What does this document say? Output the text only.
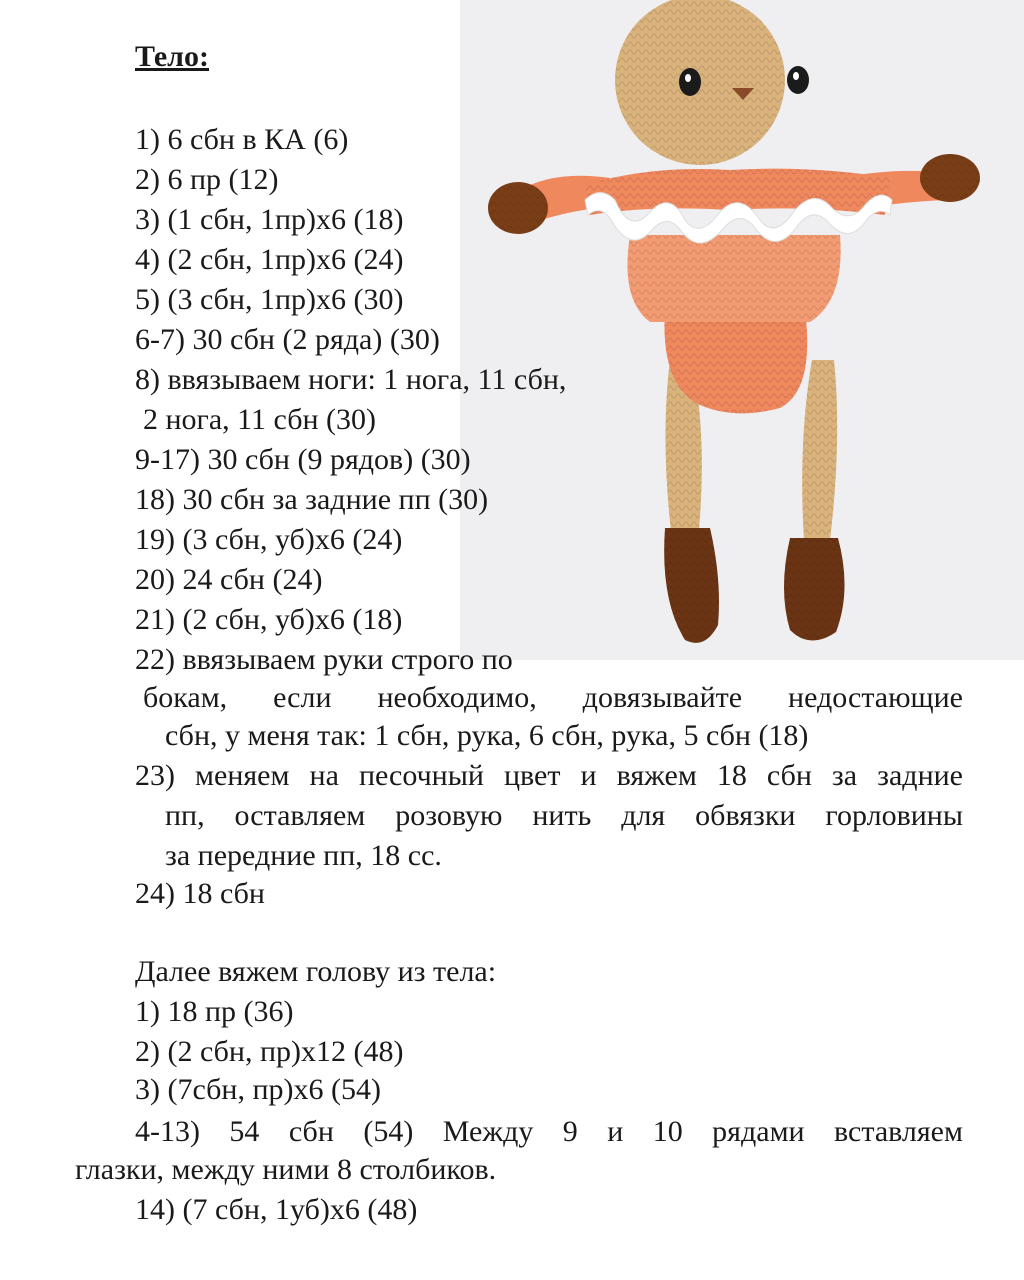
Тело:
1) 6 сбн в КА (6)
2) 6 пр (12)
3) (1 сбн, 1пр)х6 (18)
4) (2 сбн, 1пр)х6 (24)
5) (3 сбн, 1пр)х6 (30)
6-7) 30 сбн (2 ряда) (30)
8) ввязываем ноги: 1 нога, 11 сбн,
2 нога, 11 сбн (30)
9-17) 30 сбн (9 рядов) (30)
18) 30 сбн за задние пп (30)
19) (3 сбн, уб)х6 (24)
20) 24 сбн (24)
21) (2 сбн, уб)х6 (18)
22) ввязываем руки строго по
бокам, если необходимо, довязывайте недостающие
сбн, у меня так: 1 сбн, рука, 6 сбн, рука, 5 сбн (18)
23) меняем на песочный цвет и вяжем 18 сбн за задние
пп, оставляем розовую нить для обвязки горловины
за передние пп, 18 сс.
24) 18 сбн
Далее вяжем голову из тела:
1) 18 пр (36)
2) (2 сбн, пр)х12 (48)
3) (7сбн, пр)х6 (54)
4-13) 54 сбн (54) Между 9 и 10 рядами вставляем
глазки, между ними 8 столбиков.
14) (7 сбн, 1уб)х6 (48)
